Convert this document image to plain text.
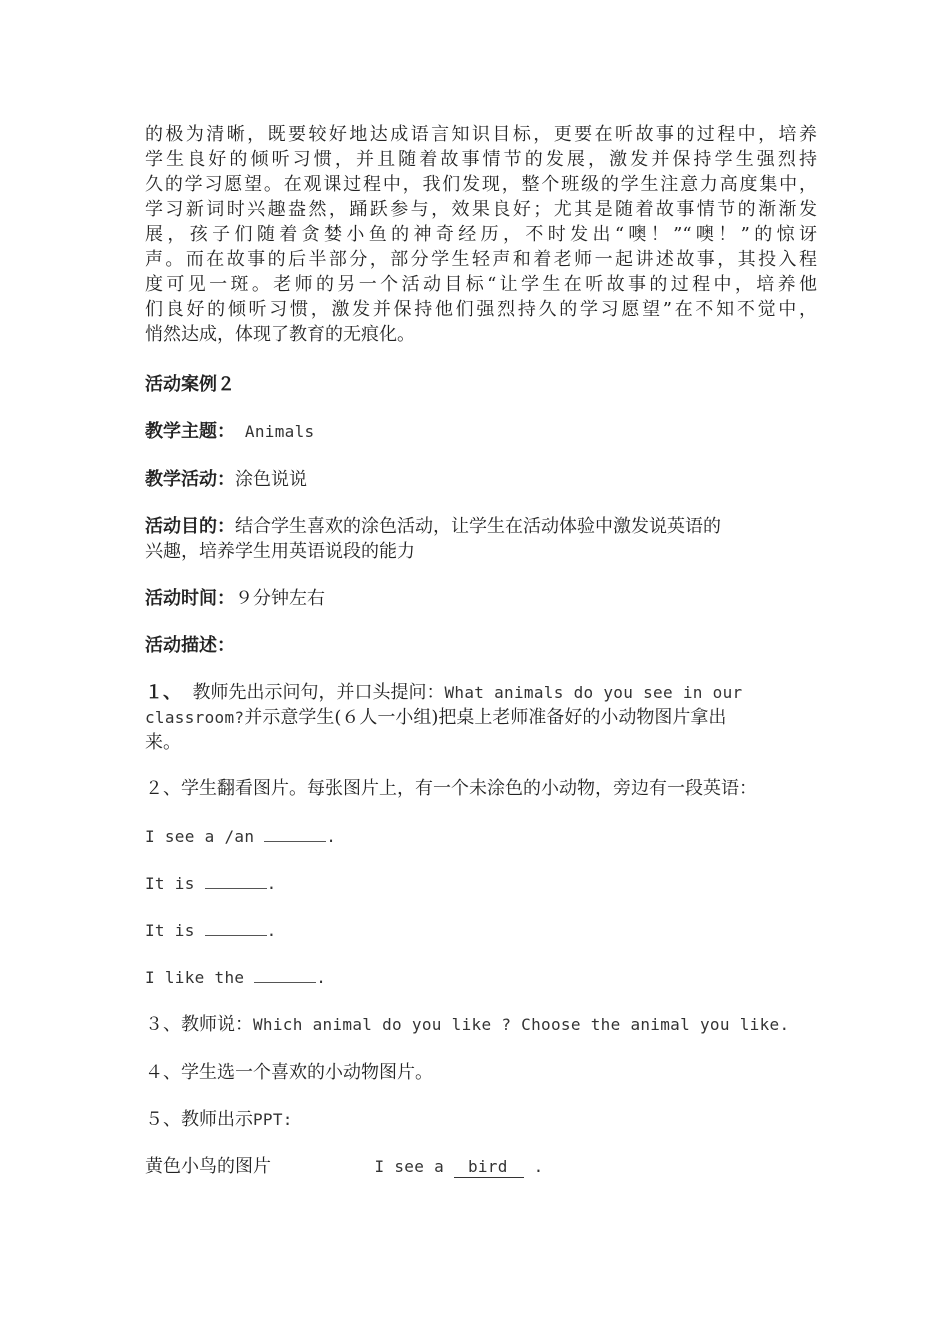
的极为清晰，既要较好地达成语言知识目标，更要在听故事的过程中，培养
学生良好的倾听习惯，并且随着故事情节的发展，激发并保持学生强烈持
久的学习愿望。在观课过程中，我们发现，整个班级的学生注意力高度集中，
学习新词时兴趣盎然，踊跃参与，效果良好；尤其是随着故事情节的渐渐发
展，孩子们随着贪婪小鱼的神奇经历，不时发出“噢！”“噢！”的惊讶
声。而在故事的后半部分，部分学生轻声和着老师一起讲述故事，其投入程
度可见一斑。老师的另一个活动目标“让学生在听故事的过程中，培养他
们良好的倾听习惯，激发并保持他们强烈持久的学习愿望”在不知不觉中，
悄然达成，体现了教育的无痕化。
活动案例２
教学主题： Animals
教学活动：涂色说说
活动目的：结合学生喜欢的涂色活动，让学生在活动体验中激发说英语的
兴趣，培养学生用英语说段的能力
活动时间：９分钟左右
活动描述：
１、 教师先出示问句，并口头提问：What animals do you see in our
classroom?并示意学生(６人一小组)把桌上老师准备好的小动物图片拿出
来。
２、学生翻看图片。每张图片上，有一个未涂色的小动物，旁边有一段英语：
I see a /an	.
It is	.
It is	.
I like the	.
３、教师说：Which animal do you like ? Choose the animal you like.
４、学生选一个喜欢的小动物图片。
５、教师出示PPT:
黄色小鸟的图片	I see a bird .
